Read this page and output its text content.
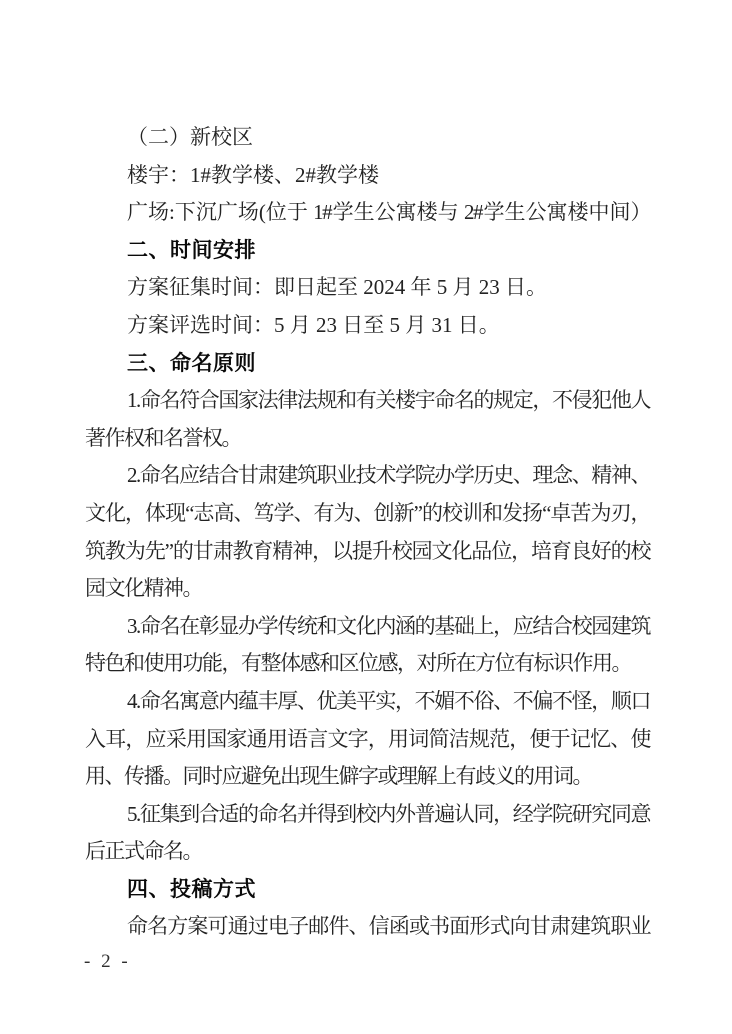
（二）新校区

楼宇：1#教学楼、2#教学楼

广场:下沉广场(位于 1#学生公寓楼与 2#学生公寓楼中间）

二、时间安排

方案征集时间：即日起至 2024 年 5 月 23 日。

方案评选时间：5 月 23 日至 5 月 31 日。

三、命名原则

1.命名符合国家法律法规和有关楼宇命名的规定，不侵犯他人著作权和名誉权。

2.命名应结合甘肃建筑职业技术学院办学历史、理念、精神、文化，体现“志高、笃学、有为、创新”的校训和发扬“卓苦为刃，筑教为先”的甘肃教育精神，以提升校园文化品位，培育良好的校园文化精神。

3.命名在彰显办学传统和文化内涵的基础上，应结合校园建筑特色和使用功能，有整体感和区位感，对所在方位有标识作用。

4.命名寓意内蕴丰厚、优美平实，不媚不俗、不偏不怪，顺口入耳，应采用国家通用语言文字，用词简洁规范，便于记忆、使用、传播。同时应避免出现生僻字或理解上有歧义的用词。

5.征集到合适的命名并得到校内外普遍认同，经学院研究同意后正式命名。

四、投稿方式

命名方案可通过电子邮件、信函或书面形式向甘肃建筑职业

- 2 -
